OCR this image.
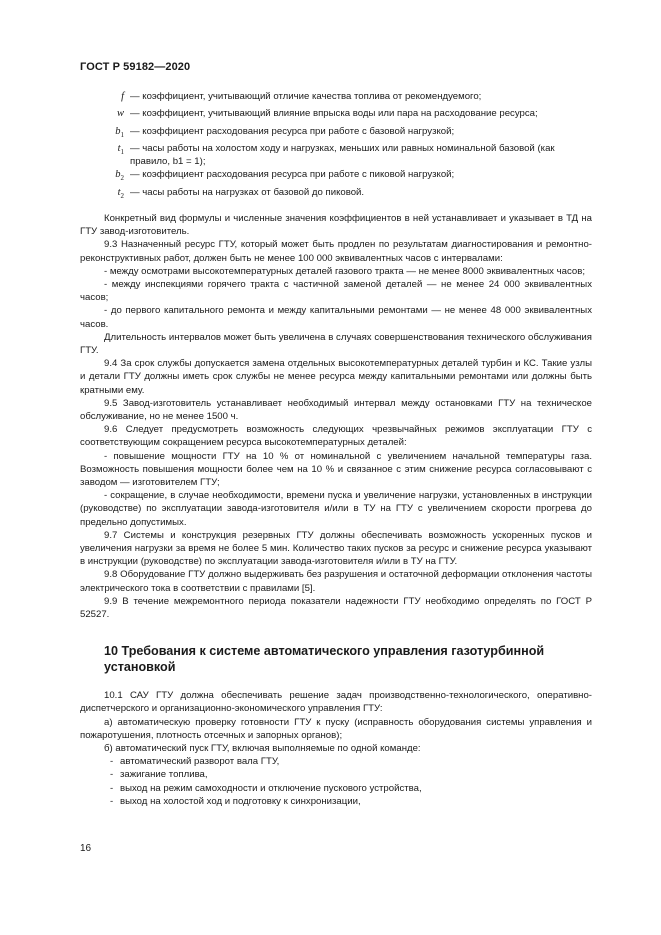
ГОСТ Р 59182—2020
f — коэффициент, учитывающий отличие качества топлива от рекомендуемого;
w — коэффициент, учитывающий влияние впрыска воды или пара на расходование ресурса;
$b_1$ — коэффициент расходования ресурса при работе с базовой нагрузкой;
$t_1$ — часы работы на холостом ходу и нагрузках, меньших или равных номинальной базовой (как правило, b1 = 1);
$b_2$ — коэффициент расходования ресурса при работе с пиковой нагрузкой;
$t_2$ — часы работы на нагрузках от базовой до пиковой.

Конкретный вид формулы и численные значения коэффициентов в ней устанавливает и указывает в ТД на ГТУ завод-изготовитель.

9.3 Назначенный ресурс ГТУ, который может быть продлен по результатам диагностирования и ремонтно-реконструктивных работ, должен быть не менее 100 000 эквивалентных часов с интервалами:

- между осмотрами высокотемпературных деталей газового тракта — не менее 8000 эквивалентных часов;

- между инспекциями горячего тракта с частичной заменой деталей — не менее 24 000 эквивалентных часов;

- до первого капитального ремонта и между капитальными ремонтами — не менее 48 000 эквивалентных часов.

Длительность интервалов может быть увеличена в случаях совершенствования технического обслуживания ГТУ.

9.4 За срок службы допускается замена отдельных высокотемпературных деталей турбин и КС. Такие узлы и детали ГТУ должны иметь срок службы не менее ресурса между капитальными ремонтами или должны быть кратными ему.

9.5 Завод-изготовитель устанавливает необходимый интервал между остановками ГТУ на техническое обслуживание, но не менее 1500 ч.

9.6 Следует предусмотреть возможность следующих чрезвычайных режимов эксплуатации ГТУ с соответствующим сокращением ресурса высокотемпературных деталей:

- повышение мощности ГТУ на 10 % от номинальной с увеличением начальной температуры газа. Возможность повышения мощности более чем на 10 % и связанное с этим снижение ресурса согласовывают с заводом — изготовителем ГТУ;

- сокращение, в случае необходимости, времени пуска и увеличение нагрузки, установленных в инструкции (руководстве) по эксплуатации завода-изготовителя и/или в ТУ на ГТУ с увеличением скорости прогрева до предельно допустимых.

9.7 Системы и конструкция резервных ГТУ должны обеспечивать возможность ускоренных пусков и увеличения нагрузки за время не более 5 мин. Количество таких пусков за ресурс и снижение ресурса указывают в инструкции (руководстве) по эксплуатации завода-изготовителя и/или в ТУ на ГТУ.

9.8 Оборудование ГТУ должно выдерживать без разрушения и остаточной деформации отклонения частоты электрического тока в соответствии с правилами [5].

9.9 В течение межремонтного периода показатели надежности ГТУ необходимо определять по ГОСТ Р 52527.

10 Требования к системе автоматического управления газотурбинной установкой

10.1 САУ ГТУ должна обеспечивать решение задач производственно-технологического, оперативно-диспетчерского и организационно-экономического управления ГТУ:

а) автоматическую проверку готовности ГТУ к пуску (исправность оборудования системы управления и пожаротушения, плотность отсечных и запорных органов);

б) автоматический пуск ГТУ, включая выполняемые по одной команде:

- автоматический разворот вала ГТУ,
- зажигание топлива,
- выход на режим самоходности и отключение пускового устройства,
- выход на холостой ход и подготовку к синхронизации,
16
